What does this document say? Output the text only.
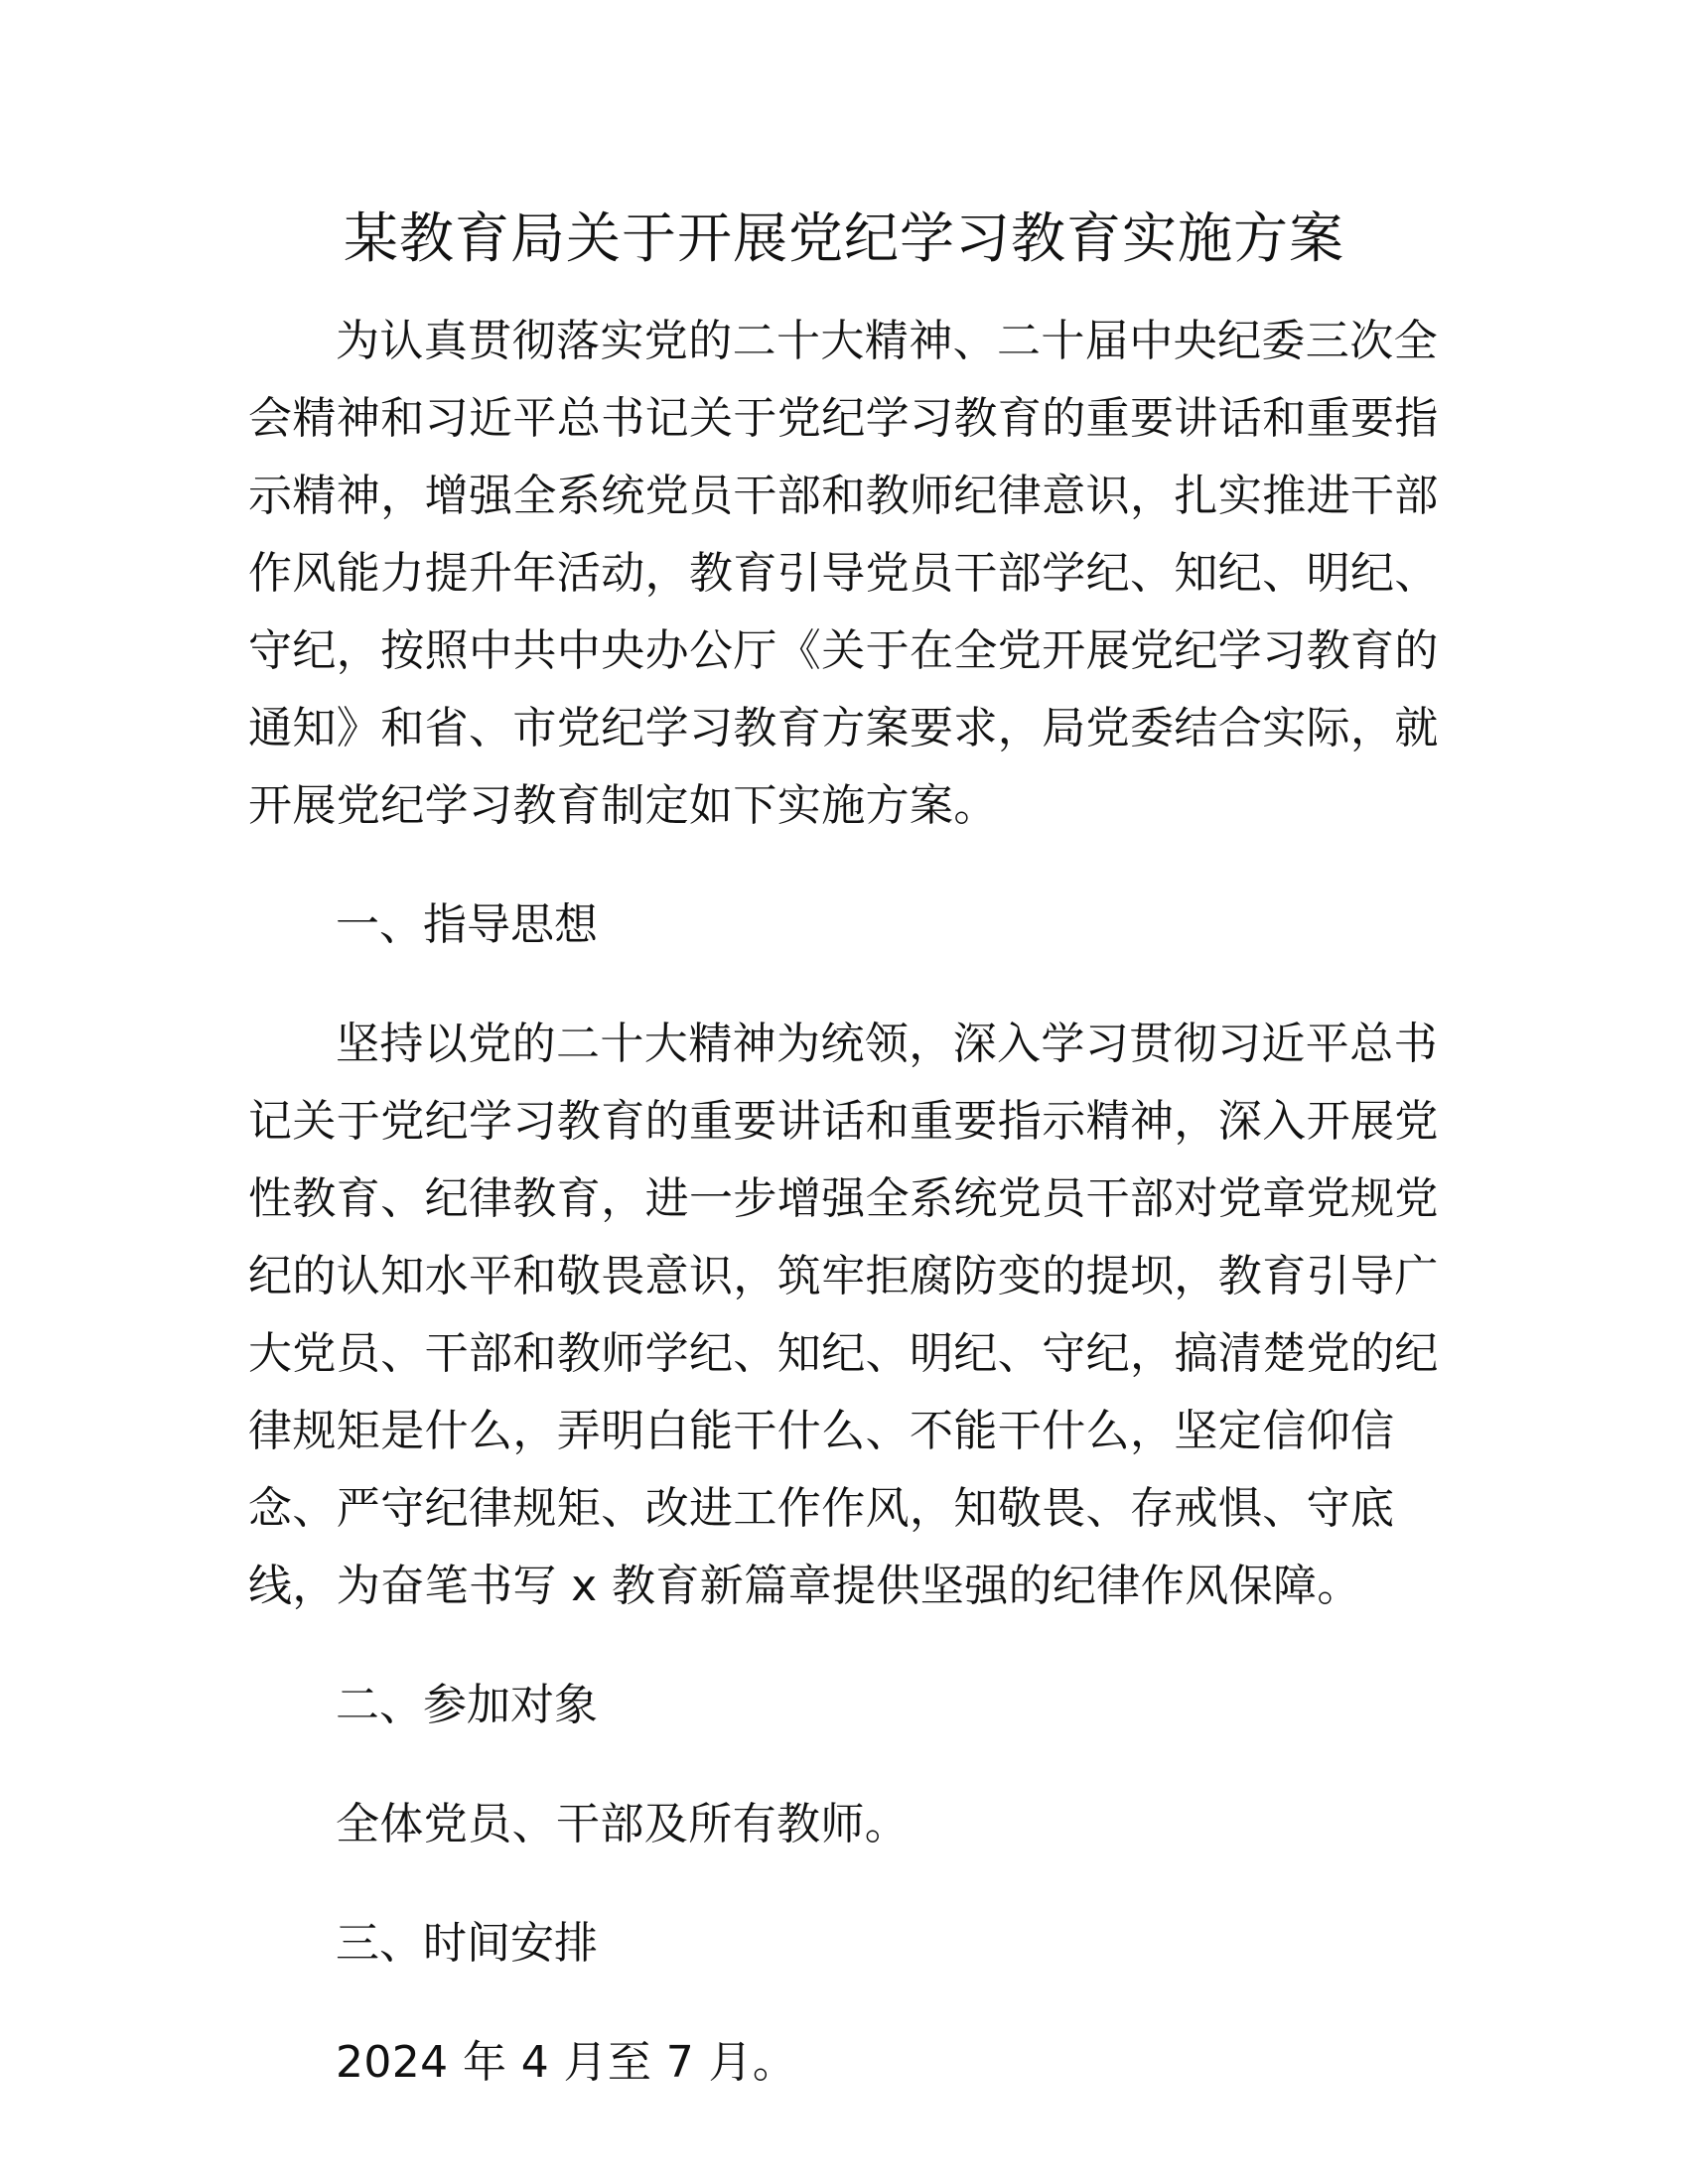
某教育局关于开展党纪学习教育实施方案

为认真贯彻落实党的二十大精神、二十届中央纪委三次全
会精神和习近平总书记关于党纪学习教育的重要讲话和重要指
示精神，增强全系统党员干部和教师纪律意识，扎实推进干部
作风能力提升年活动，教育引导党员干部学纪、知纪、明纪、
守纪，按照中共中央办公厅《关于在全党开展党纪学习教育的
通知》和省、市党纪学习教育方案要求，局党委结合实际，就
开展党纪学习教育制定如下实施方案。

一、指导思想

坚持以党的二十大精神为统领，深入学习贯彻习近平总书
记关于党纪学习教育的重要讲话和重要指示精神，深入开展党
性教育、纪律教育，进一步增强全系统党员干部对党章党规党
纪的认知水平和敬畏意识，筑牢拒腐防变的提坝，教育引导广
大党员、干部和教师学纪、知纪、明纪、守纪，搞清楚党的纪
律规矩是什么，弄明白能干什么、不能干什么，坚定信仰信
念、严守纪律规矩、改进工作作风，知敬畏、存戒惧、守底
线，为奋笔书写 x 教育新篇章提供坚强的纪律作风保障。

二、参加对象

全体党员、干部及所有教师。

三、时间安排

2024 年 4 月至 7 月。
